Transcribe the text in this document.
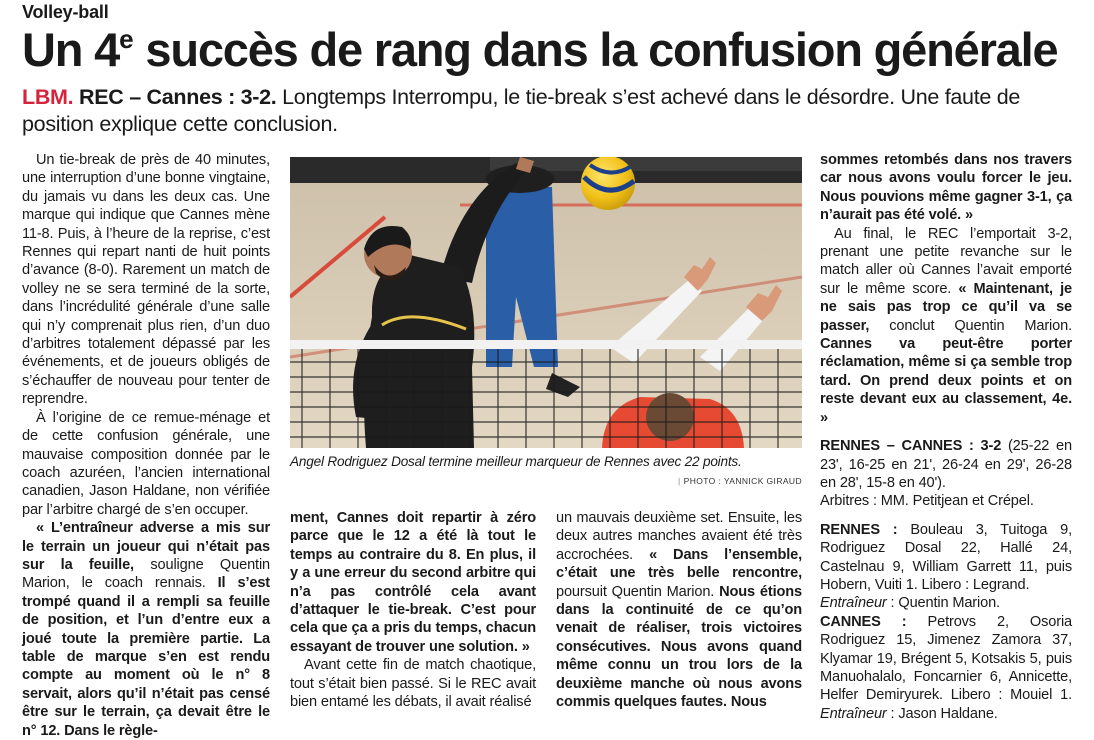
Volley-ball
Un 4e succès de rang dans la confusion générale
LBM. REC – Cannes : 3-2. Longtemps Interrompu, le tie-break s’est achevé dans le désordre. Une faute de position explique cette conclusion.

Un tie-break de près de 40 minutes, une interruption d’une bonne vingtaine, du jamais vu dans les deux cas. Une marque qui indique que Cannes mène 11-8. Puis, à l’heure de la reprise, c’est Rennes qui repart nanti de huit points d’avance (8-0). Rarement un match de volley ne se sera terminé de la sorte, dans l’incrédulité générale d’une salle qui n’y comprenait plus rien, d’un duo d’arbitres totalement dépassé par les événements, et de joueurs obligés de s’échauffer de nouveau pour tenter de reprendre.

À l’origine de ce remue-ménage et de cette confusion générale, une mauvaise composition donnée par le coach azuréen, l’ancien international canadien, Jason Haldane, non vérifiée par l’arbitre chargé de s’en occuper.

« L’entraîneur adverse a mis sur le terrain un joueur qui n’était pas sur la feuille, souligne Quentin Marion, le coach rennais. Il s’est trompé quand il a rempli sa feuille de position, et l’un d’entre eux a joué toute la première partie. La table de marque s’en est rendu compte au moment où le n° 8 servait, alors qu’il n’était pas censé être sur le terrain, ça devait être le n° 12. Dans le règle-

Angel Rodriguez Dosal termine meilleur marqueur de Rennes avec 22 points.
| PHOTO : YANNICK GIRAUD

ment, Cannes doit repartir à zéro parce que le 12 a été là tout le temps au contraire du 8. En plus, il y a une erreur du second arbitre qui n’a pas contrôlé cela avant d’attaquer le tie-break. C’est pour cela que ça a pris du temps, chacun essayant de trouver une solution. »

Avant cette fin de match chaotique, tout s’était bien passé. Si le REC avait bien entamé les débats, il avait réalisé

un mauvais deuxième set. Ensuite, les deux autres manches avaient été très accrochées. « Dans l’ensemble, c’était une très belle rencontre, poursuit Quentin Marion. Nous étions dans la continuité de ce qu’on venait de réaliser, trois victoires consécutives. Nous avons quand même connu un trou lors de la deuxième manche où nous avons commis quelques fautes. Nous

sommes retombés dans nos travers car nous avons voulu forcer le jeu. Nous pouvions même gagner 3-1, ça n’aurait pas été volé. »

Au final, le REC l’emportait 3-2, prenant une petite revanche sur le match aller où Cannes l’avait emporté sur le même score. « Maintenant, je ne sais pas trop ce qu’il va se passer, conclut Quentin Marion. Cannes va peut-être porter réclamation, même si ça semble trop tard. On prend deux points et on reste devant eux au classement, 4e. »

RENNES – CANNES : 3-2 (25-22 en 23', 16-25 en 21', 26-24 en 29', 26-28 en 28', 15-8 en 40').

Arbitres : MM. Petitjean et Crépel.

RENNES : Bouleau 3, Tuitoga 9, Rodriguez Dosal 22, Hallé 24, Castelnau 9, William Garrett 11, puis Hobern, Vuiti 1. Libero : Legrand.
Entraîneur : Quentin Marion.

CANNES : Petrovs 2, Osoria Rodriguez 15, Jimenez Zamora 37, Klyamar 19, Brégent 5, Kotsakis 5, puis Manuohalalo, Foncarnier 6, Annicette, Helfer Demiryurek. Libero : Mouiel 1. Entraîneur : Jason Haldane.
